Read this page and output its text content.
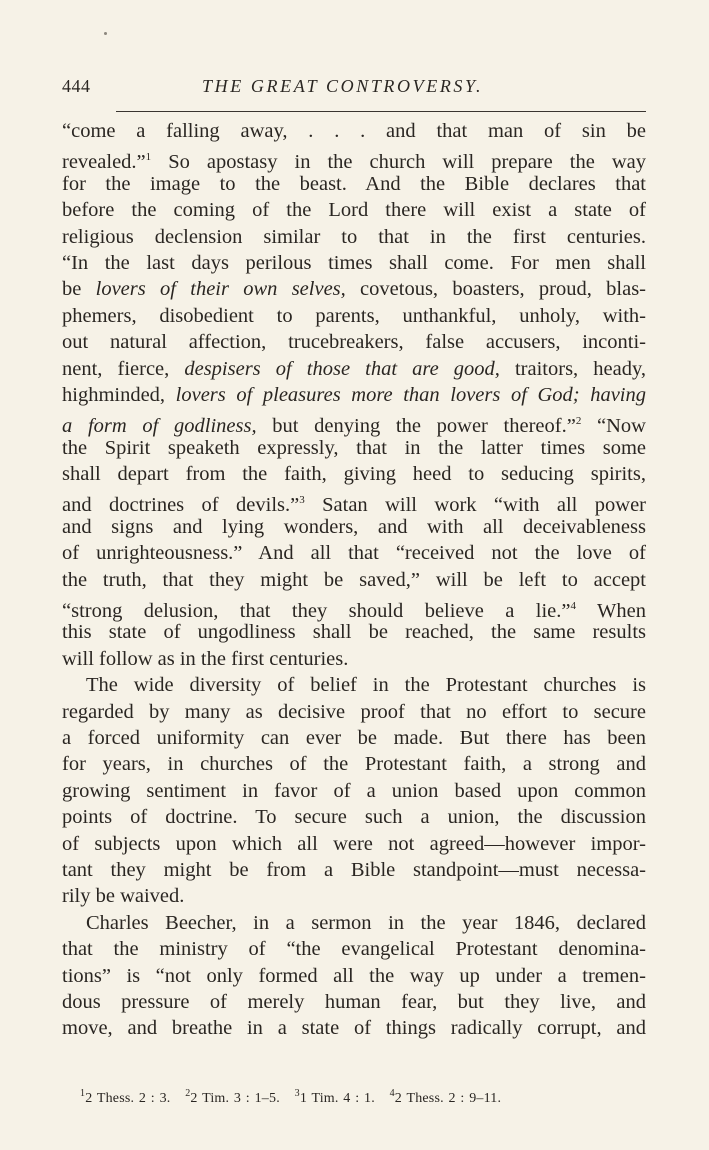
444	THE GREAT CONTROVERSY.
“come a falling away, . . . and that man of sin be
revealed.”$^1$ So apostasy in the church will prepare the way
for the image to the beast. And the Bible declares that
before the coming of the Lord there will exist a state of
religious declension similar to that in the first centuries.
“In the last days perilous times shall come. For men shall
be lovers of their own selves, covetous, boasters, proud, blas-
phemers, disobedient to parents, unthankful, unholy, with-
out natural affection, trucebreakers, false accusers, inconti-
nent, fierce, despisers of those that are good, traitors, heady,
highminded, lovers of pleasures more than lovers of God; having
a form of godliness, but denying the power thereof.”$^2$ “Now
the Spirit speaketh expressly, that in the latter times some
shall depart from the faith, giving heed to seducing spirits,
and doctrines of devils.”$^3$ Satan will work “with all power
and signs and lying wonders, and with all deceivableness
of unrighteousness.” And all that “received not the love of
the truth, that they might be saved,” will be left to accept
“strong delusion, that they should believe a lie.”$^4$ When
this state of ungodliness shall be reached, the same results
will follow as in the first centuries.
The wide diversity of belief in the Protestant churches is
regarded by many as decisive proof that no effort to secure
a forced uniformity can ever be made. But there has been
for years, in churches of the Protestant faith, a strong and
growing sentiment in favor of a union based upon common
points of doctrine. To secure such a union, the discussion
of subjects upon which all were not agreed—however impor-
tant they might be from a Bible standpoint—must necessa-
rily be waived.
Charles Beecher, in a sermon in the year 1846, declared
that the ministry of “the evangelical Protestant denomina-
tions” is “not only formed all the way up under a tremen-
dous pressure of merely human fear, but they live, and
move, and breathe in a state of things radically corrupt, and
$^1$2 Thess. 2 : 3. $^2$2 Tim. 3 : 1–5. $^3$1 Tim. 4 : 1. $^4$2 Thess. 2 : 9–11.
